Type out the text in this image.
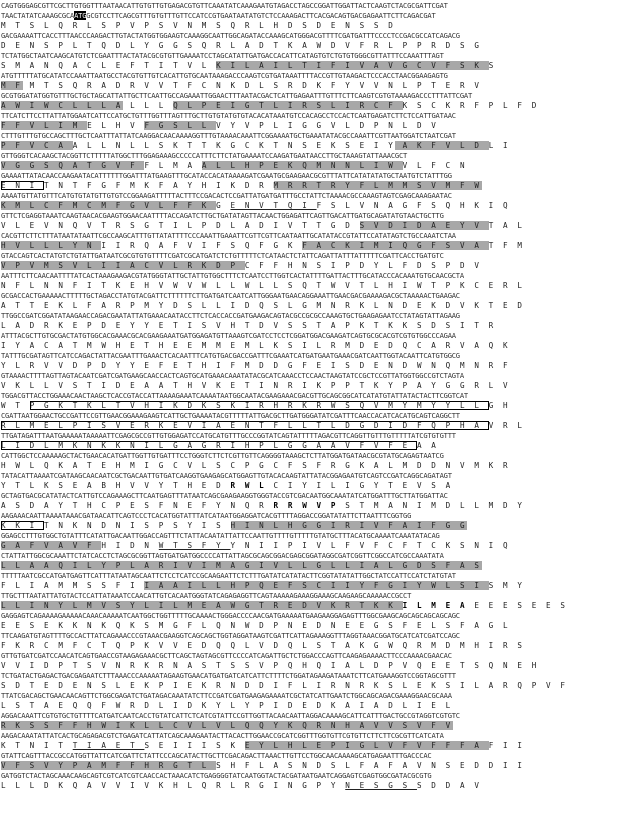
CAGTGGGAGCGTTCGCTTGTGGTTTAATAACATTGTGTTGTGAGACGTGTTCAAATATCAAAGAATGTAGACCTAGCCGGATTGGATTACTCAAGTCTACGCGATTCGAT
TAACTATATCAAAGCGCAATGGCGTCCTTCAGCGTTTGTGTTTGTTCCATCCGTGAATAATATGTCTCCAAAGACTTCACGACAGTGACGAGAATTCTTCAGACGAT
M T S L Q R L S P V P S V N M S Q R L H D S D E N S S D
GACGAAAATTCACCTTTAACCCAAGACTTGTACTATGGTGGAAGTCAAAGGCAATTGGCAGATACCAAAGCATGGGACGTTTTCGATGATTTCCCCTCCGACGCCATCAGACG
D E N S P L T Q D L Y G G S Q R L A D T K A W D V F R L P P R D S G
TCTATGGCTAATCAAGCATGTCTCGAATTTACTATACGCGTGTTGAAAATCCTAGCATATTGATGACCACATTCATAGTGTCTGTGTGGGCGTTATTTCCAAATTTAGT
S M A N Q A C L E F T I T V L K I L A I L T I F I V A V G C V F S K S
ATGTTTTTATGCATATCCAAATTAATGCCTACGTGTTGTCACATTGTGCAATAAAGACCCAAGTCGTGATAAATTTTACCGTTGTAAGACTCCCACCTAACGGAAGAGTG
M F M T S Q R A D R V V T F C N K D L S R D K F Y V V N L P T E R V
GCGTGGATATGGTGTTTGCTGCTAGCATTATTGCTTCAATTGCCAGAAATTGGAACTTTAATACGACTCATTGAGAATTTGTTTCTTCAAGTCGTGTAAAAGACCCTTTATTCGAT
A W I W C L L L A L L L Q L P E I G T L I R S L I R C F K S C K R F P L F D
TTCATCTTCCTTATTATGGAATCATTCCATGCTGTTTGGTTTAGTTTGCTTGTGTATGTGTACACATAAATGTCCACAGCCTCCACTCAATGAGATCTTCTCCATTGATAAC
F F V L I M E L H V F G S L L V Y V P L I G G V L D P N L D V
CTTTGTTTGTGCCAGCTTTGCTCAATTTATTATCAAGGACAACAAAAGGTTTGTAAAACAAATTCGGAAAATGCTGAAATATACGCCAAATTCGTTAATGGATCTAATCGAT
P F V C A A L L N L L S K T T K G C K T N S E K S E I Y A K F V L D L I
GTTGGGTCACAAGCTACGGTTCTTTTTATGGCTTTGGAGAAAGCCCCCATTTCTTCTATGAAAATCCAAGATGAATAACCTTGCTAAAGTATTAAACGCT
V G G S Q A T G V F F L M A A L L H P E K Q M N N L I W V L F C N
GAAAATTATACAACCAAGAATACATTTTTTGGATTTATGAAGTTTGCATACCACATAAAAGATCGAATGCGAAGAACGCGTTTATTCATATATATGCTAATGTCTATTTGG
E N I T N T F G F M K F A Y H I K D R M R R T R Y F L M M S V M F W
AAAATGTTATGTTTCATGTGTATGTTGTGTCCGGAAGATTTTTACTTTCCGACACTCCGATTATGATGATTTGCCTATTCTAAAACGCCAAAGTAGTCGAGCAAAGAATAC
K M L C F M C M F G V L F F K G E N V T Q I F S L V N A G F S Q H K I Q
GTTCTCGAGGTAAATCAAGTAACACGAAGTGGAACAATTTTACCAGATCTTGCTGATATAGTTACAACTGGAGATTCAGTTGACATTGATGCAGATATGTAACTGCTTG
V L E V N Q V T R S G T I L P D L A D I V T T G D S V D I D A E Y V T A L
CACGTTCTTCTTTATAATATAATTCGCCAAGCATTTGTTATATTTTCCCAAATTGAAATTCGTTCGTTCAATAATTGCATATACCGTATTCCATATAGTCTGCCAAATCTAA
H V L L L Y N I I R Q A F V I F S Q F G K F A C K I M I Q G F S V A T F M
GTACCAGTCACTATGTCTGTATTGATAATCGCGTGTGTTTTCGATCGCATGATCTCTGTTTTTCTCATAACTCTATTCAGATTATTTATTTTTCGATTCACCTGATGTC
V P V M S V L I I A C V L R K D P C F F H N S I P D Y L F D S P D V
AATTTCTTCAACAATTTTATCACTAAAGAAGACGTATGGGTATTGCTATTGTGGCTTTCTCAATCCTTGGTCACTATTTTGATTACTTTGCATACCCACAAATGTGCAACGCTA
N F L N N F I T K E H V W V W L L W L L S Q T W V T L H I W T P K C E R L
GCGACCACTGAAAAACTTTTTGCTAGACCTATGTACGATTCTTTTTTCTTGATGATCAATCATTGGGAATGAACAGGAAATTGAACGACGAAAAGACGCTAAAAACTGAAGAC
A T T E K L F A R P M Y D S L L I D Q S L G M N R K L N D E K D V K T E D
TTGGCCGATCGGATATAAGAACCAGACGAATATTATGAAACAATACCTTCTCACCACCGATGAAGACAGTACGCCGCGCCAAAGTGCTGAAGAGAATCCTATAGTATTAGAAG
L A D R K E P D E Y Y E T I S V H T D V S S T A P K T K K S D S I T R
ATTTACGCTTGTGCGACTATGTGGCACGAAACGCACGAAGAAATGATGGAGATGTTAAAGTCGATCCTCCTCGGATGGACGAAGATCAGTGCGCACGTCGTGTGGCCCAGAA
I Y A C A T M W H E T H E E M M E M L K S I L R M D E D Q C A R V A Q K
TATTTGCGATAGTTCATCCAGACTATTACGAATTTGAAACTCACAATTTCATGTGACGACCGATTTCGAAATCATGATGAATGAAACGATCAATTGGTACAATTCATGTGGCG
Y L R V V D P D Y Y E F E T H I F M D D G F E I S D E N D W N Q M N R F
GTAAAACTTTTAGTTAGTACAATCGATCGATGAAGCAACCACTCAGTGCATGAAACAAATATACGCATCAAACCTCCAACTAAGTATCCGCTCCGTTATGGTGGCCGTCTAGTA
V K L L V S T I D E A A T H V K E T I N R I K P P T K Y P A Y G G R L V
TGGACGTTACCTGGAAACAACTAAGCTCACCGTACCATTAAAAGAAATCAAAATAATGGCAATACGAAGAAACGACGTTGCAGCGGCATCATATGTATTATACTACTTCGGTCAT
W T P G K T K L T V H I K D K S K I R H R K R W S Q V M Y M Y Y L L G H
CGATTAATGGAACTGCCGATTCCGTTGAACGGAAAGAAGTCATTGCTGAAAATACGTTTTTATTGACGCTTGATGGGATATCGATTTCAACCACATCACATGCAGTCAGGCTT
R L M E L P I S V E R K E V I A E N T F L L T L D G D I D F Q P H A V R L
TTGATAGATTTAATGAAAAATAAAAATTCGAGCGCCGTTGTGGAGATCCATGCATGTTTGCCCGGTATCAGTATTTTTAGACGTTCAGGTTGTTTGTTTTTATCGTGTGTTT
L I D L M K N K K N I L G A G R I H P L G G A A V F V F E A A
CATTGGCTCCAAAAAGCTACTGAACACATGATTGGTTGTGATTTCCTGGGTCTTCTCGTTGTTCAGGGGTAAAGCTCTTATGGATGATAACGCGTATGCAGAGTAATCG
H W L Q K A T E H M I G C V L S C P G C F S F R G K A L M D D N V M K R
TATACATTAAAATCGATAAGCAACAATCGCTGACAATTGTGATCAAGGTGAAGAGCATGGAGTTGTACACAAGTATTATACGGAGAATGTCAGTCCGATCAGGCAGATAGT
Y T L K S E A B H V V Y T H E D R W L C I Y I L I G Y T E V S A
GCTAGTGACGCATATACTCATTGTCCAGAAAGCTTCAATGAGTTTATAATCAGCGAAGAAGGTGGGTACCGTCGACAATGGCAAATATCATGGATTTGCTTATGGATTAC
A S D A Y T H C P E S F N E F Y N Q R R R W V P S T M A N I M D L L M D Y
AAGAAACAATTAAAATAAACGATAACATTCAGTCCCTCACATGGTATTTATCATAATGGAGGATCACGTTTTAGGACCGGATATATTCTTAATTTCGGTGG
K K I T N K N D N I S P S Y I S H I N L H G G I R I V F A I F G G
GGAGCCTTTGTGGCTGTATTTCATATTGACAATTGGACCAGTTTCTATTACAATATTATTCCAATTGTTTTGTTTTTGTATGCTTTACATGCAAAATCAAATATACAG
G A F V A V F H I D N W T S F Y Y N I I P I V L F V F C F T C K S N I Q
CTATTATTGGCGCAAATTCTATCACCTCTAGCGCGGTTAGTGATGATGGCCCCATTATTAGCGCAGCGGACGAGCGGATAGGCGATCGGTTCGGCCATCGCCAAATATA
L L A A Q I L Y P L A R I V I M A G I V L L G L L I A L G D S F A S
TTTTTAATCGCCATGATGAGTTCATTTATAATAGCAATTCTCCTCATCCGCAAGAATTCTCTTTGATATCATATACTTCGGTATATATTGGCTATCCATTCCATCTATGTAT
F L I A M M S S F I I A A I L L H P Q E F S C I I Y F G I Y W L S I S M Y
TTGCTTTAATATTATGTACTCCATTATAAATCCAACATTGTCACAATGGGTATCAGAGAGGTTCAGTAAAAAGAAAGGAAAGCAAGAAGCAAAAACCGCCT
L L I N Y L M V S Y L I L M E A W G T R E D V K R T K K I L M E A E E E S E E S
GAGGAGTCAGAAAAGAAAAACAAACAAAAATCAATGGCTGGTTTTTGCAAAACTGGGACCCCAACGATGAAAAATGAAGAAGGAGAGTTTGGCGAAGCAGCAGCAGCAGCAGC
E E S E K K N K Q K S M G F L Q N W D P N E D N E E G S F E L S F A G L
TTCAAGATGTAGTTTTGCCACTTATCAGAAACCCGTAAACGAAGGTCAGCAGCTGGTAGGATAAGTCGATTCATTAGAAAGGTTTAGGTAAACGGATGCATCATCGATCCAGC
F K R C M F C T Q P K V V E D Q Q L V D Q L S T A K G W Q R M D M H I R S
GTTGTGATCGATCCAACATCAGTGAACCGTAAGAGAAACGCTTCAGCTAGTAGCGTTCCCCATCAGATTGCTCTGGACCCAGTTCAAGAGAAAACTTCCCAAAACGAACAC
V V I D P T S V N R K R N A S T S S V P Q H Q I A L D P V Q E E T S Q N E H
TCTGATACTGAGACTGACGAGAATCTTTAAACCCAAAAATAGAAGTGAACATGATGATCATCATTCTTTTCTGGATAGAAGATAAATCTTCATGAAAGGTCCGGTAGCGTTT
S D T E D E N S L E K P I E K R N D D I F L I R N R K S L E K S I L A R Q P V F
TTATCGACAGCTGAACAACAGTTCTGGCGAGATCTGATAGACAAATATCTTCCGATCGATGAAGAGAAAATCGCTATCATTGAATCTGGCAGCAGACGAAAGGAACGCAAA
L S T A E Q Q F W R D L I D K Y L Y P I D E D K A I A D L I E L
AGGACAAATTCGTGTGCTGTTTTCATGATCAATCACCTGTATCATTCTCATCGTATTCCGTTGGTTACAACAATTAGGACAAAAGCATTCATTTGACTGCCGTAGGTCGTGTC
R K S S F F H W I K L L C V L V L Q Q Y K Q R N H A V V S V F V
AAGACAAATATTATCACTGCAGAGACGTCTGAGATCATTATCAGCAAAGAATACTTACACTTGGAACCGCATCGGTTTGGTGTTCGTGTTCTTCTTCGCGTTCATCATA
K T N I T T I A E T S E I I I S K E Y L H L E P I G L V F V F F F A F I I
GTATTCAGTTTACCGCCATGGTTATTCATCGATTCTATTCCCAGCATACTTGCTTCGACAGACTTAAACTTGTTCCTGGCAACAAAAGCATGAGAATTTGACCCAC
V F S V Y P A M F F H R G T L S H F L A S N D S L F A F A V N S E D D I I
GATGGTCTACTAGCAAACAAGCAGTCGTCATCGTCAACCACTAAACATCTGAGGGGTATCAATGGTACTACGATAATGAATCAGGAGTCGAGTGGCGATACGCGTG
L L L D K Q A V V I V K H L Q R L R G I N G P Y N E S G S S D D A V
